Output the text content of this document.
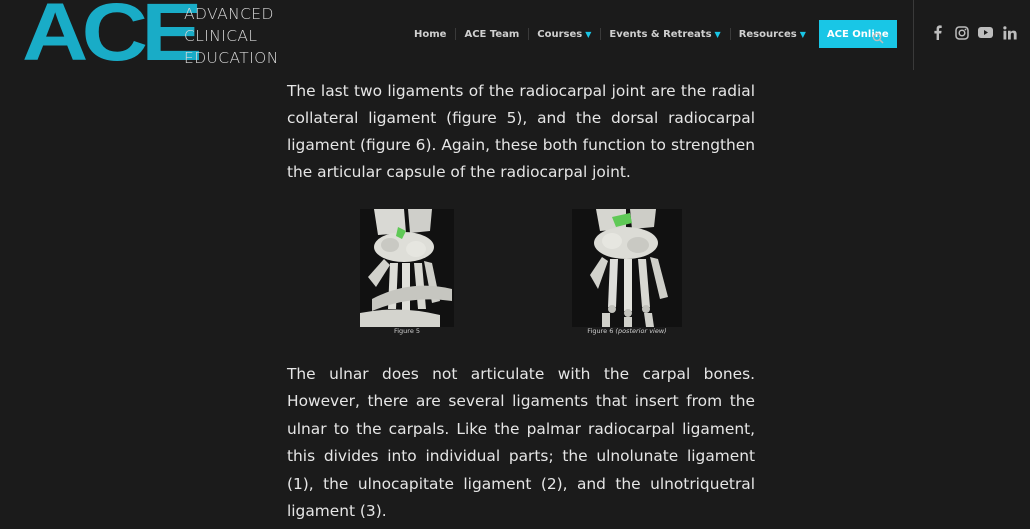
ACE
ADVANCED
CLINICAL
EDUCATION
Home ACE Team Courses ▼ Events & Retreats ▼ Resources ▼	ACE Online

The last two ligaments of the radiocarpal joint are the radial collateral ligament (figure 5), and the dorsal radiocarpal ligament (figure 6). Again, these both function to strengthen the articular capsule of the radiocarpal joint.

Figure 5	Figure 6 (posterior view)

The ulnar does not articulate with the carpal bones. However, there are several ligaments that insert from the ulnar to the carpals. Like the palmar radiocarpal ligament, this divides into individual parts; the ulnolunate ligament (1), the ulnocapitate ligament (2), and the ulnotriquetral ligament (3).
